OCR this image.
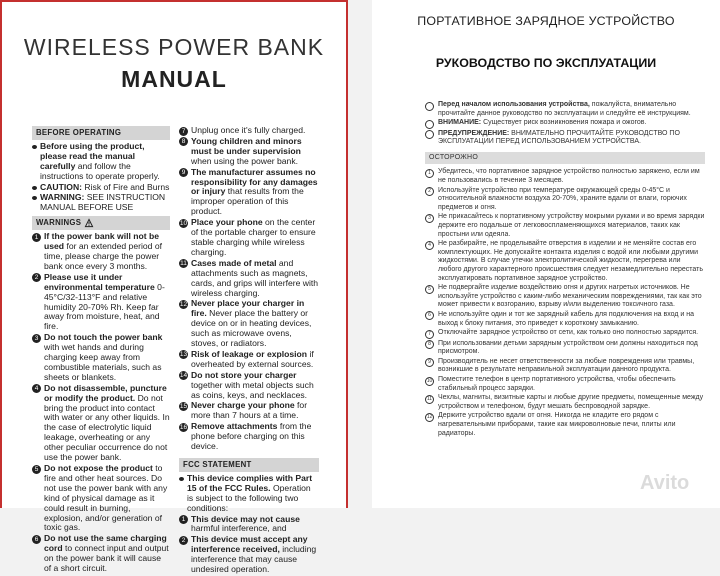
WIRELESS POWER BANK
MANUAL
BEFORE OPERATING
Before using the product, please read the manual carefully and follow the instructions to operate properly.
CAUTION: Risk of Fire and Burns
WARNING: SEE INSTRUCTION MANUAL BEFORE USE
WARNINGS
1 If the power bank will not be used for an extended period of time, please charge the power bank once every 3 months.
2 Please use it under environmental temperature 0-45°C/32-113°F and relative humidity 20-70% Rh. Keep far away from moisture, heat, and fire.
3 Do not touch the power bank with wet hands and during charging keep away from combustible materials, such as sheets or blankets.
4 Do not disassemble, puncture or modify the product. Do not bring the product into contact with water or any other liquids. In the case of electrolytic liquid leakage, overheating or any other peculiar occurrence do not use the power bank.
5 Do not expose the product to fire and other heat sources. Do not use the power bank with any kind of physical damage as it could result in burning, explosion, and/or generation of toxic gas.
6 Do not use the same charging cord to connect input and output on the power bank it will cause of a short circuit.
7 Unplug once it's fully charged.
8 Young children and minors must be under supervision when using the power bank.
9 The manufacturer assumes no responsibility for any damages or injury that results from the improper operation of this product.
10 Place your phone on the center of the portable charger to ensure stable charging while wireless charging.
11 Cases made of metal and attachments such as magnets, cards, and grips will interfere with wireless charging.
12 Never place your charger in fire. Never place the battery or device on or in heating devices, such as microwave ovens, stoves, or radiators.
13 Risk of leakage or explosion if overheated by external sources.
14 Do not store your charger together with metal objects such as coins, keys, and necklaces.
15 Never charge your phone for more than 7 hours at a time.
16 Remove attachments from the phone before charging on this device.
FCC STATEMENT
This device complies with Part 15 of the FCC Rules. Operation is subject to the following two conditions:
1 This device may not cause harmful interference, and
2 This device must accept any interference received, including interference that may cause undesired operation.
ПОРТАТИВНОЕ ЗАРЯДНОЕ УСТРОЙСТВО
РУКОВОДСТВО ПО ЭКСПЛУАТАЦИИ
Перед началом использования устройства, пожалуйста, внимательно прочитайте данное руководство по эксплуатации и следуйте её инструкциям.
ВНИМАНИЕ: Существует риск возникновения пожара и ожогов.
ПРЕДУПРЕЖДЕНИЕ: ВНИМАТЕЛЬНО ПРОЧИТАЙТЕ РУКОВОДСТВО ПО ЭКСПЛУАТАЦИИ ПЕРЕД ИСПОЛЬЗОВАНИЕМ УСТРОЙСТВА.
ОСТОРОЖНО
1	Убедитесь, что портативное зарядное устройство полностью заряжено, если им не пользовались в течение 3 месяцев.
2	Используйте устройство при температуре окружающей среды 0-45°C и относительной влажности воздуха 20-70%, храните вдали от влаги, горючих предметов и огня.
3	Не прикасайтесь к портативному устройству мокрыми руками и во время зарядки держите его подальше от легковоспламеняющихся материалов, таких как простыни или одеяла.
4	Не разбирайте, не проделывайте отверстия в изделии и не меняйте состав его комплектующих. Не допускайте контакта изделия с водой или любыми другими жидкостями. В случае утечки электролитической жидкости, перегрева или любого другого характерного происшествия следует незамедлительно перестать эксплуатировать портативное зарядное устройство.
5	Не подвергайте изделие воздействию огня и других нагретых источников. Не используйте устройство с каким-либо механическим повреждениями, так как это может привести к возгоранию, взрыву и/или выделению токсичного газа.
6	Не используйте один и тот же зарядный кабель для подключения на вход и на выход к блоку питания, это приведет к короткому замыканию.
7	Отключайте зарядное устройство от сети, как только оно полностью зарядится.
8	При использовании детьми зарядным устройством они должны находиться под присмотром.
9	Производитель не несет ответственности за любые повреждения или травмы, возникшие в результате неправильной эксплуатации данного продукта.
10 Поместите телефон в центр портативного устройства, чтобы обеспечить стабильный процесс зарядки.
11 Чехлы, магниты, визитные карты и любые другие предметы, помещенные между устройством и телефоном, будут мешать беспроводной зарядке.
12 Держите устройство вдали от огня. Никогда не кладите его рядом с нагревательными приборами, такие как микроволновые печи, плиты или радиаторы.
Avito
